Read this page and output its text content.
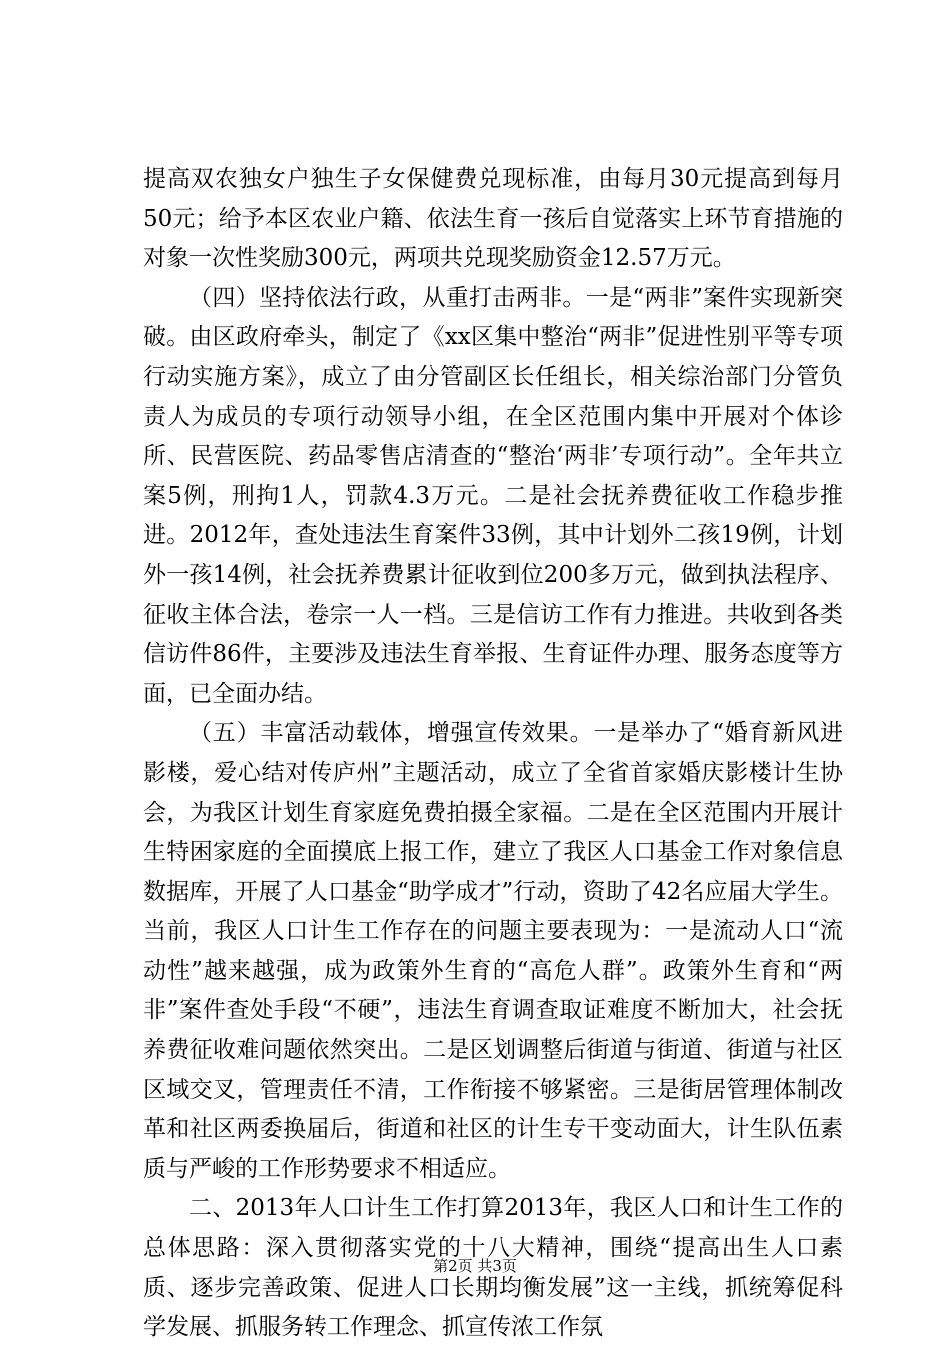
提高双农独女户独生子女保健费兑现标准，由每月30元提高到每月50元；给予本区农业户籍、依法生育一孩后自觉落实上环节育措施的对象一次性奖励300元，两项共兑现奖励资金12.57万元。

（四）坚持依法行政，从重打击两非。一是“两非”案件实现新突破。由区政府牵头，制定了《xx区集中整治“两非”促进性别平等专项行动实施方案》，成立了由分管副区长任组长，相关综治部门分管负责人为成员的专项行动领导小组，在全区范围内集中开展对个体诊所、民营医院、药品零售店清查的“整治‘两非’专项行动”。全年共立案5例，刑拘1人，罚款4.3万元。二是社会抚养费征收工作稳步推进。2012年，查处违法生育案件33例，其中计划外二孩19例，计划外一孩14例，社会抚养费累计征收到位200多万元，做到执法程序、征收主体合法，卷宗一人一档。三是信访工作有力推进。共收到各类信访件86件，主要涉及违法生育举报、生育证件办理、服务态度等方面，已全面办结。

（五）丰富活动载体，增强宣传效果。一是举办了“婚育新风进影楼，爱心结对传庐州”主题活动，成立了全省首家婚庆影楼计生协会，为我区计划生育家庭免费拍摄全家福。二是在全区范围内开展计生特困家庭的全面摸底上报工作，建立了我区人口基金工作对象信息数据库，开展了人口基金“助学成才”行动，资助了42名应届大学生。当前，我区人口计生工作存在的问题主要表现为：一是流动人口“流动性”越来越强，成为政策外生育的“高危人群”。政策外生育和“两非”案件查处手段“不硬”，违法生育调查取证难度不断加大，社会抚养费征收难问题依然突出。二是区划调整后街道与街道、街道与社区区域交叉，管理责任不清，工作衔接不够紧密。三是街居管理体制改革和社区两委换届后，街道和社区的计生专干变动面大，计生队伍素质与严峻的工作形势要求不相适应。

二、2013年人口计生工作打算2013年，我区人口和计生工作的总体思路：深入贯彻落实党的十八大精神，围绕“提高出生人口素质、逐步完善政策、促进人口长期均衡发展”这一主线，抓统筹促科学发展、抓服务转工作理念、抓宣传浓工作氛

第2页 共3页
